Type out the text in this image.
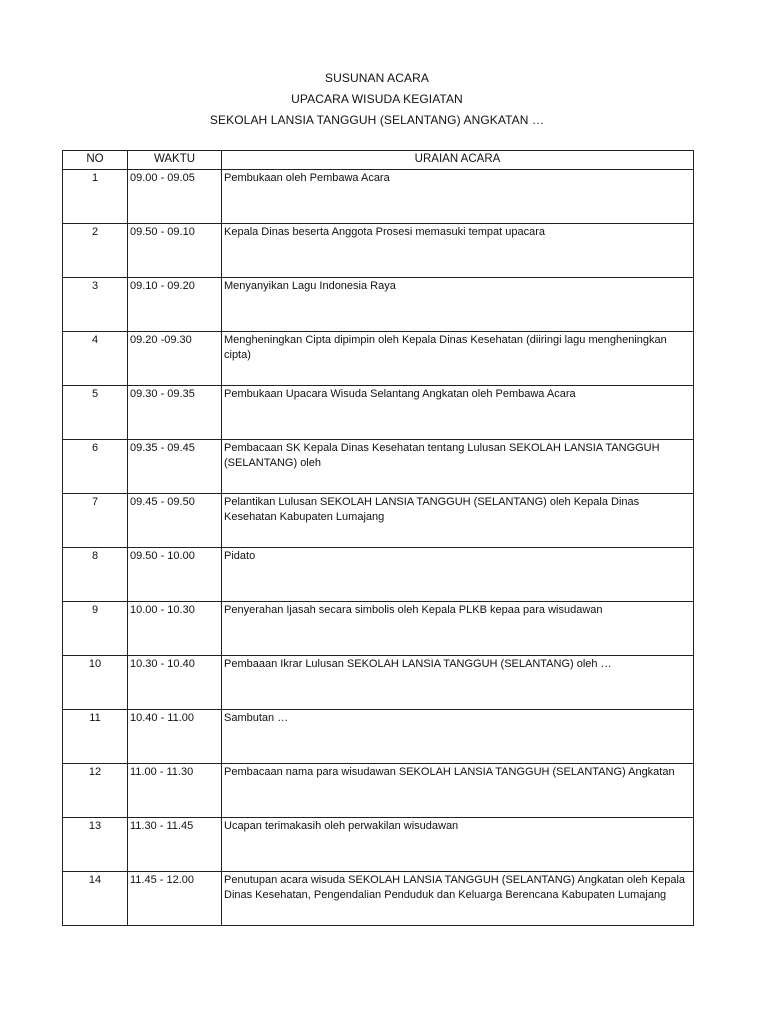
SUSUNAN ACARA
UPACARA WISUDA KEGIATAN
SEKOLAH LANSIA TANGGUH (SELANTANG) ANGKATAN …
NO	WAKTU	URAIAN ACARA
1	09.00 - 09.05	Pembukaan oleh Pembawa Acara
2	09.50 - 09.10	Kepala Dinas beserta Anggota Prosesi memasuki tempat upacara
3	09.10 - 09.20	Menyanyikan Lagu Indonesia Raya
4	09.20 -09.30	Mengheningkan Cipta dipimpin oleh Kepala Dinas Kesehatan (diiringi lagu mengheningkan cipta)
5	09.30 - 09.35	Pembukaan Upacara Wisuda Selantang Angkatan oleh Pembawa Acara
6	09.35 - 09.45	Pembacaan SK Kepala Dinas Kesehatan tentang Lulusan SEKOLAH LANSIA TANGGUH (SELANTANG) oleh
7	09.45 - 09.50	Pelantikan Lulusan SEKOLAH LANSIA TANGGUH (SELANTANG) oleh Kepala Dinas Kesehatan Kabupaten Lumajang
8	09.50 - 10.00	Pidato
9	10.00 - 10.30	Penyerahan Ijasah secara simbolis oleh Kepala PLKB kepaa para wisudawan
10	10.30 - 10.40	Pembaaan Ikrar Lulusan SEKOLAH LANSIA TANGGUH (SELANTANG) oleh …
11	10.40 - 11.00	Sambutan …
12	11.00 - 11.30	Pembacaan nama para wisudawan SEKOLAH LANSIA TANGGUH (SELANTANG) Angkatan
13	11.30 - 11.45	Ucapan terimakasih oleh perwakilan wisudawan
14	11.45 - 12.00	Penutupan acara wisuda SEKOLAH LANSIA TANGGUH (SELANTANG) Angkatan oleh Kepala Dinas Kesehatan, Pengendalian Penduduk dan Keluarga Berencana Kabupaten Lumajang
